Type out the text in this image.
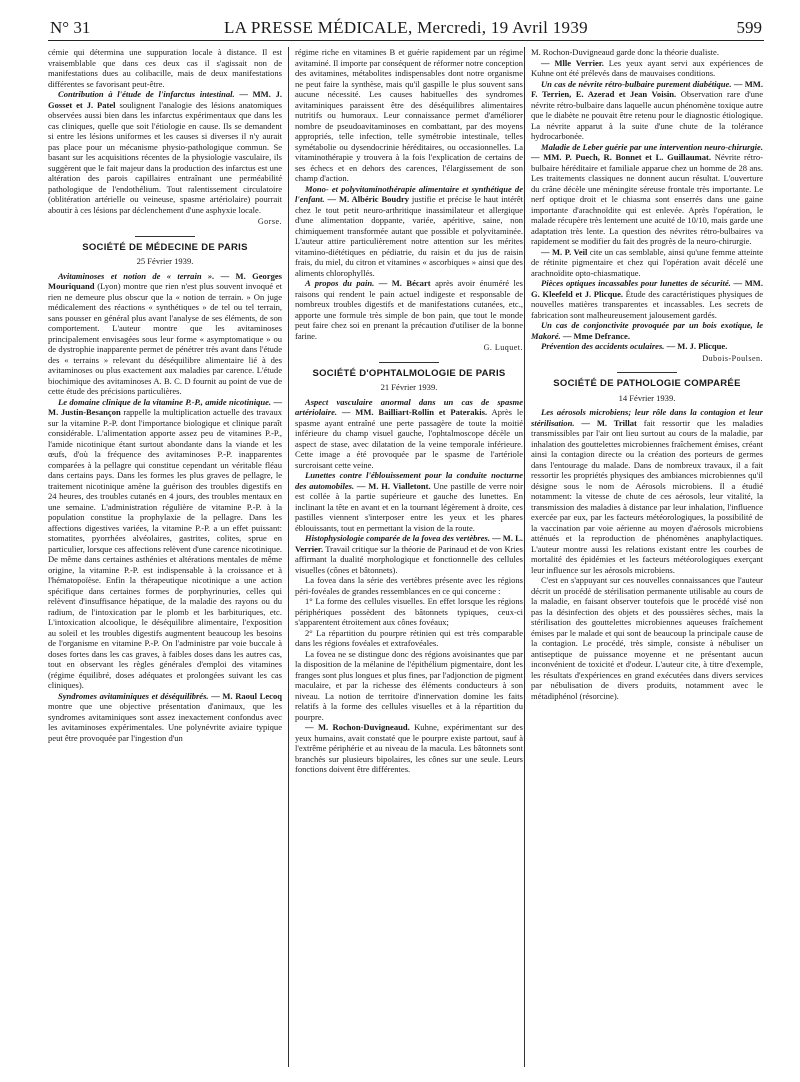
N° 31	LA PRESSE MÉDICALE, Mercredi, 19 Avril 1939	599

cémie qui détermina une suppuration locale à distance. Il est vraisemblable que dans ces deux cas il s'agissait non de manifestations dues au colibacille, mais de deux manifestations différentes se favorisant peut-être.

Contribution à l'étude de l'infarctus intestinal. — MM. J. Gosset et J. Patel soulignent l'analogie des lésions anatomiques observées aussi bien dans les infarctus expérimentaux que dans les cas cliniques, quelle que soit l'étiologie en cause. Ils se demandent si entre les lésions uniformes et les causes si diverses il n'y aurait pas place pour un mécanisme physio-pathologique commun. Se basant sur les acquisitions récentes de la physiologie vasculaire, ils suggèrent que le fait majeur dans la production des infarctus est une altération des parois capillaires entraînant une perméabilité pathologique de l'endothélium. Tout ralentissement circulatoire (oblitération artérielle ou veineuse, spasme artériolaire) pourrait aboutir à ces lésions par déclenchement d'une asphyxie locale.

Gorse.
SOCIÉTÉ DE MÉDECINE DE PARIS
25 Février 1939.

Avitaminoses et notion de « terrain ». — M. Georges Mouriquand (Lyon) montre que rien n'est plus souvent invoqué et rien ne demeure plus obscur que la « notion de terrain. » On juge médicalement des réactions « synthétiques » de tel ou tel terrain, sans pousser en général plus avant l'analyse de ses éléments, de son comportement. L'auteur montre que les avitaminoses principalement envisagées sous leur forme « asymptomatique » ou de dystrophie inapparente permet de pénétrer très avant dans l'étude des « terrains » relevant du déséquilibre alimentaire lié à des avitaminoses ou plus exactement aux maladies par carence. L'étude biochimique des avitaminoses A. B. C. D fournit au point de vue de cette étude des précisions particulières.

Le domaine clinique de la vitamine P.-P., amide nicotinique. — M. Justin-Besançon rappelle la multiplication actuelle des travaux sur la vitamine P.-P. dont l'importance biologique et clinique paraît considérable. L'alimentation apporte assez peu de vitamines P.-P., l'amide nicotinique étant surtout abondante dans la viande et les œufs, d'où la fréquence des avitaminoses P.-P. inapparentes comparées à la pellagre qui constitue cependant un véritable fléau dans certains pays. Dans les formes les plus graves de pellagre, le traitement nicotinique amène la guérison des troubles digestifs en 24 heures, des troubles cutanés en 4 jours, des troubles mentaux en une semaine. L'administration régulière de vitamine P.-P. à la population constitue la prophylaxie de la pellagre. Dans les affections digestives variées, la vitamine P.-P. a un effet puissant: stomatites, pyorrhées alvéolaires, gastrites, colites, sprue en particulier, lorsque ces affections relèvent d'une carence nicotinique. De même dans certaines asthénies et altérations mentales de même origine, la vitamine P.-P. est indispensable à la croissance et à l'hématopoïèse. Enfin la thérapeutique nicotinique a une action spécifique dans certaines formes de porphyrinuries, celles qui relèvent d'insuffisance hépatique, de la maladie des rayons ou du radium, de l'intoxication par le plomb et les barbituriques, etc. L'intoxication alcoolique, le déséquilibre alimentaire, l'exposition au soleil et les troubles digestifs augmentent beaucoup les besoins de l'organisme en vitamine P.-P. On l'administre par voie buccale à doses fortes dans les cas graves, à faibles doses dans les autres cas, tout en observant les règles générales d'emploi des vitamines (régime équilibré, doses adéquates et prolongées suivant les cas cliniques).

Syndromes avitaminiques et déséquilibrés. — M. Raoul Lecoq montre que une objective présentation d'animaux, que les syndromes avitaminiques sont assez inexactement confondus avec les avitaminoses expérimentales. Une polynévrite aviaire typique peut être provoquée par l'ingestion d'un

régime riche en vitamines B et guérie rapidement par un régime avitaminé. Il importe par conséquent de réformer notre conception des avitamines, métabolites indispensables dont notre organisme ne peut faire la synthèse, mais qu'il gaspille le plus souvent sans aucune nécessité. Les causes habituelles des syndromes avitaminiques paraissent être des déséquilibres alimentaires nutritifs ou humoraux. Leur connaissance permet d'améliorer nombre de pseudoavitaminoses en combattant, par des moyens appropriés, telle infection, telle symétrobie intestinale, telles symétabolie ou dysendocrinie héréditaires, ou occasionnelles. La vitaminothérapie y trouvera à la fois l'explication de certains de ses échecs et en dehors des carences, l'élargissement de son champ d'action.

Mono- et polyvitaminothérapie alimentaire et synthétique de l'enfant. — M. Albéric Boudry justifie et précise le haut intérêt chez le tout petit neuro-arthritique inassimilateur et allergique d'une alimentation doppante, variée, apéritive, saine, non chimiquement transformée autant que possible et polyvitaminée. L'auteur attire particulièrement notre attention sur les mérites vitamino-diététiques en pédiatrie, du raisin et du jus de raisin frais, du miel, du citron et vitamines « ascorbiques » ainsi que des aliments chlorophyllés.

A propos du pain. — M. Bécart après avoir énuméré les raisons qui rendent le pain actuel indigeste et responsable de nombreux troubles digestifs et de manifestations cutanées, etc., apporte une formule très simple de bon pain, que tout le monde peut faire chez soi en prenant la précaution d'utiliser de la bonne farine.

G. Luquet.
SOCIÉTÉ D'OPHTALMOLOGIE DE PARIS
21 Février 1939.

Aspect vasculaire anormal dans un cas de spasme artériolaire. — MM. Bailliart-Rollin et Paterakis. Après le spasme ayant entraîné une perte passagère de toute la moitié inférieure du champ visuel gauche, l'ophtalmoscope décèle un aspect de stase, avec dilatation de la veine temporale inférieure. Cette image a été provoquée par le spasme de l'artériole surcroisant cette veine.

Lunettes contre l'éblouissement pour la conduite nocturne des automobiles. — M. H. Vialletont. Une pastille de verre noir est collée à la partie supérieure et gauche des lunettes. En inclinant la tête en avant et en la tournant légèrement à droite, ces pastilles viennent s'interposer entre les yeux et les phares éblouissants, tout en permettant la vision de la route.

Histophysiologie comparée de la fovea des vertèbres. — M. L. Verrier. Travail critique sur la théorie de Parinaud et de von Kries affirmant la dualité morphologique et fonctionnelle des cellules visuelles (cônes et bâtonnets).

La fovea dans la série des vertèbres présente avec les régions péri-fovéales de grandes ressemblances en ce qui concerne :

1° La forme des cellules visuelles. En effet lorsque les régions périphériques possèdent des bâtonnets typiques, ceux-ci s'apparentent étroitement aux cônes fovéaux;

2° La répartition du pourpre rétinien qui est très comparable dans les régions fovéales et extrafovéales.

La fovea ne se distingue donc des régions avoisinantes que par la disposition de la mélanine de l'épithélium pigmentaire, dont les franges sont plus longues et plus fines, par l'adjonction de pigment maculaire, et par la richesse des éléments conducteurs à son niveau. La notion de territoire d'innervation domine les faits relatifs à la forme des cellules visuelles et à la répartition du pourpre.

— M. Rochon-Duvigneaud. Kuhne, expérimentant sur des yeux humains, avait constaté que le pourpre existe partout, sauf à l'extrême périphérie et au niveau de la macula. Les bâtonnets sont branchés sur plusieurs bipolaires, les cônes sur une seule. Leurs fonctions doivent être différentes.

M. Rochon-Duvigneaud garde donc la théorie dualiste.

— Mlle Verrier. Les yeux ayant servi aux expériences de Kuhne ont été prélevés dans de mauvaises conditions.

Un cas de névrite rétro-bulbaire purement diabétique. — MM. F. Terrien, E. Azerad et Jean Voisin. Observation rare d'une névrite rétro-bulbaire dans laquelle aucun phénomène toxique autre que le diabète ne pouvait être retenu pour le diagnostic étiologique. La névrite apparut à la suite d'une chute de la tolérance hydrocarbonée.

Maladie de Leber guérie par une intervention neuro-chirurgie. — MM. P. Puech, R. Bonnet et L. Guillaumat. Névrite rétro-bulbaire héréditaire et familiale apparue chez un homme de 28 ans. Les traitements classiques ne donnent aucun résultat. L'ouverture du crâne décèle une méningite séreuse frontale très importante. Le nerf optique droit et le chiasma sont enserrés dans une gaine importante d'arachnoïdite qui est enlevée. Après l'opération, le malade récupère très lentement une acuité de 10/10, mais garde une adaptation très lente. La question des névrites rétro-bulbaires va rapidement se modifier du fait des progrès de la neuro-chirurgie.

— M. P. Veil cite un cas semblable, ainsi qu'une femme atteinte de rétinite pigmentaire et chez qui l'opération avait décelé une arachnoïdite opto-chiasmatique.

Pièces optiques incassables pour lunettes de sécurité. — MM. G. Kleefeld et J. Plicque. Étude des caractéristiques physiques de nouvelles matières transparentes et incassables. Les secrets de fabrication sont malheureusement jalousement gardés.

Un cas de conjonctivite provoquée par un bois exotique, le Makoré. — Mme Defrance.

Prévention des accidents oculaires. — M. J. Plicque.

Dubois-Poulsen.
SOCIÉTÉ DE PATHOLOGIE COMPARÉE
14 Février 1939.

Les aérosols microbiens; leur rôle dans la contagion et leur stérilisation. — M. Trillat fait ressortir que les maladies transmissibles par l'air ont lieu surtout au cours de la maladie, par inhalation des gouttelettes microbiennes fraîchement émises, créant ainsi la contagion directe ou la création des porteurs de germes dans l'entourage du malade. Dans de nombreux travaux, il a fait ressortir les propriétés physiques des ambiances microbiennes qu'il désigne sous le nom de Aérosols microbiens. Il a étudié notamment: la vitesse de chute de ces aérosols, leur vitalité, la transmission des maladies à distance par leur inhalation, l'influence exercée par eux, par les facteurs météorologiques, la possibilité de la vaccination par voie aérienne au moyen d'aérosols microbiens atténués et la reproduction de phénomènes anaphylactiques. L'auteur montre aussi les relations existant entre les courbes de mortalité des épidémies et les facteurs météorologiques exerçant leur influence sur les aérosols microbiens.

C'est en s'appuyant sur ces nouvelles connaissances que l'auteur décrit un procédé de stérilisation permanente utilisable au cours de la maladie, en faisant observer toutefois que le procédé visé non pas la désinfection des objets et des poussières sèches, mais la stérilisation des gouttelettes microbiennes aqueuses fraîchement émises par le malade et qui sont de beaucoup la principale cause de la contagion. Le procédé, très simple, consiste à nébuliser un antiseptique de puissance moyenne et ne présentant aucun inconvénient de toxicité et d'odeur. L'auteur cite, à titre d'exemple, les résultats d'expériences en grand exécutées dans divers services par nébulisation de divers produits, notamment avec le métadiphénol (résorcine).
